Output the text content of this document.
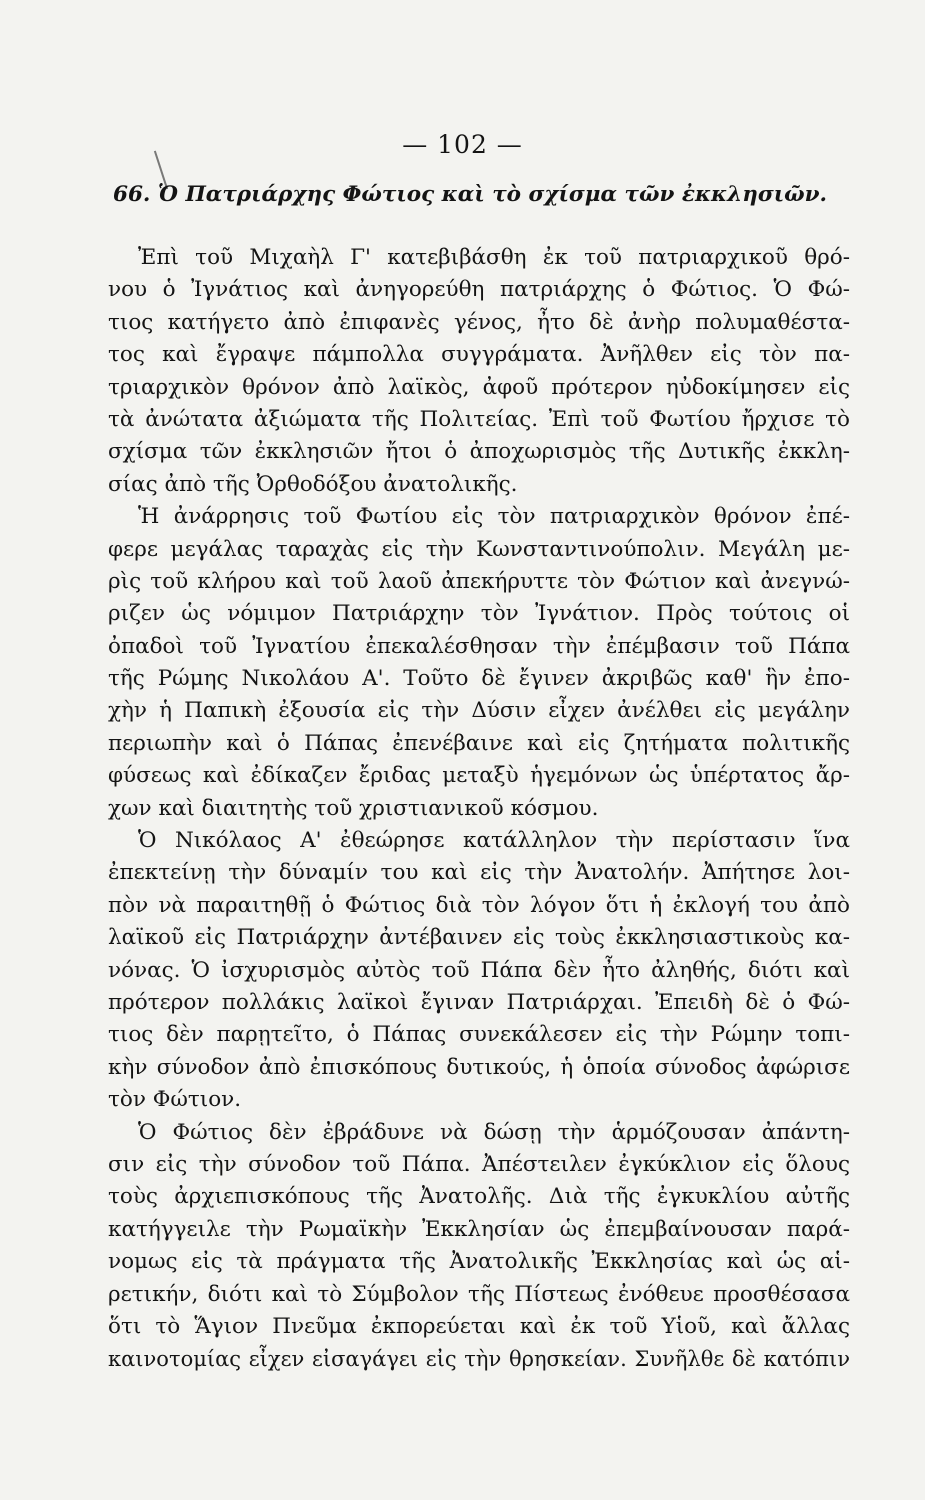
— 102 —
66. Ὁ Πατριάρχης Φώτιος καὶ τὸ σχίσμα τῶν ἐκκλησιῶν.
Ἐπὶ τοῦ Μιχαὴλ Γ' κατεβιβάσθη ἐκ τοῦ πατριαρχικοῦ θρό-
νου ὁ Ἰγνάτιος καὶ ἀνηγορεύθη πατριάρχης ὁ Φώτιος. Ὁ Φώ-
τιος κατήγετο ἀπὸ ἐπιφανὲς γένος, ἦτο δὲ ἀνὴρ πολυμαθέστα-
τος καὶ ἔγραψε πάμπολλα συγγράματα. Ἀνῆλθεν εἰς τὸν πα-
τριαρχικὸν θρόνον ἀπὸ λαϊκὸς, ἀφοῦ πρότερον ηὐδοκίμησεν εἰς
τὰ ἀνώτατα ἀξιώματα τῆς Πολιτείας. Ἐπὶ τοῦ Φωτίου ἤρχισε τὸ
σχίσμα τῶν ἐκκλησιῶν ἤτοι ὁ ἀποχωρισμὸς τῆς Δυτικῆς ἐκκλη-
σίας ἀπὸ τῆς Ὀρθοδόξου ἀνατολικῆς.
Ἡ ἀνάρρησις τοῦ Φωτίου εἰς τὸν πατριαρχικὸν θρόνον ἐπέ-
φερε μεγάλας ταραχὰς εἰς τὴν Κωνσταντινούπολιν. Μεγάλη με-
ρὶς τοῦ κλήρου καὶ τοῦ λαοῦ ἀπεκήρυττε τὸν Φώτιον καὶ ἀνεγνώ-
ριζεν ὡς νόμιμον Πατριάρχην τὸν Ἰγνάτιον. Πρὸς τούτοις οἱ
ὀπαδοὶ τοῦ Ἰγνατίου ἐπεκαλέσθησαν τὴν ἐπέμβασιν τοῦ Πάπα
τῆς Ρώμης Νικολάου Α'. Τοῦτο δὲ ἔγινεν ἀκριβῶς καθ' ἣν ἐπο-
χὴν ἡ Παπικὴ ἐξουσία εἰς τὴν Δύσιν εἶχεν ἀνέλθει εἰς μεγάλην
περιωπὴν καὶ ὁ Πάπας ἐπενέβαινε καὶ εἰς ζητήματα πολιτικῆς
φύσεως καὶ ἐδίκαζεν ἔριδας μεταξὺ ἡγεμόνων ὡς ὑπέρτατος ἄρ-
χων καὶ διαιτητὴς τοῦ χριστιανικοῦ κόσμου.
Ὁ Νικόλαος Α' ἐθεώρησε κατάλληλον τὴν περίστασιν ἵνα
ἐπεκτείνῃ τὴν δύναμίν του καὶ εἰς τὴν Ἀνατολήν. Ἀπήτησε λοι-
πὸν νὰ παραιτηθῇ ὁ Φώτιος διὰ τὸν λόγον ὅτι ἡ ἐκλογή του ἀπὸ
λαϊκοῦ εἰς Πατριάρχην ἀντέβαινεν εἰς τοὺς ἐκκλησιαστικοὺς κα-
νόνας. Ὁ ἰσχυρισμὸς αὐτὸς τοῦ Πάπα δὲν ἦτο ἀληθής, διότι καὶ
πρότερον πολλάκις λαϊκοὶ ἔγιναν Πατριάρχαι. Ἐπειδὴ δὲ ὁ Φώ-
τιος δὲν παρῃτεῖτο, ὁ Πάπας συνεκάλεσεν εἰς τὴν Ρώμην τοπι-
κὴν σύνοδον ἀπὸ ἐπισκόπους δυτικούς, ἡ ὁποία σύνοδος ἀφώρισε
τὸν Φώτιον.
Ὁ Φώτιος δὲν ἐβράδυνε νὰ δώσῃ τὴν ἁρμόζουσαν ἀπάντη-
σιν εἰς τὴν σύνοδον τοῦ Πάπα. Ἀπέστειλεν ἐγκύκλιον εἰς ὅλους
τοὺς ἀρχιεπισκόπους τῆς Ἀνατολῆς. Διὰ τῆς ἐγκυκλίου αὐτῆς
κατήγγειλε τὴν Ρωμαϊκὴν Ἐκκλησίαν ὡς ἐπεμβαίνουσαν παρά-
νομως εἰς τὰ πράγματα τῆς Ἀνατολικῆς Ἐκκλησίας καὶ ὡς αἱ-
ρετικήν, διότι καὶ τὸ Σύμβολον τῆς Πίστεως ἐνόθευε προσθέσασα
ὅτι τὸ Ἅγιον Πνεῦμα ἐκπορεύεται καὶ ἐκ τοῦ Υἱοῦ, καὶ ἄλλας
καινοτομίας εἶχεν εἰσαγάγει εἰς τὴν θρησκείαν. Συνῆλθε δὲ κατόπιν
